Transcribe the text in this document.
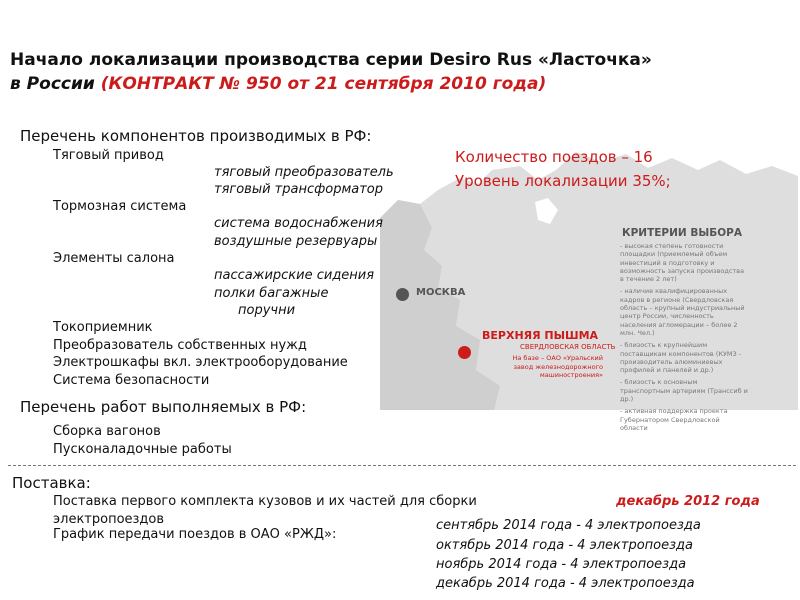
Начало локализации производства серии Desiro Rus «Ласточка»
в России (КОНТРАКТ № 950 от 21 сентября 2010 года)
МОСКВА
ВЕРХНЯЯ ПЫШМА
СВЕРДЛОВСКАЯ ОБЛАСТЬ
На базе – ОАО «Уральский завод железнодорожного машиностроения»
КРИТЕРИИ ВЫБОРА
- высокая степень готовности площадки (приемлемый объем инвестиций в подготовку и возможность запуска производства в течение 2 лет)
- наличие квалифицированных кадров в регионе (Свердловская область – крупный индустриальный центр России, численность населения агломерации – более 2 млн. Чел.)
- близость к крупнейшим поставщикам компонентов (КУМЗ - производитель алюминиевых профилей и панелей и др.)
- близость к основным транспортным артериям (Транссиб и др.)
- активная поддержка проекта Губернатором Свердловской области
Количество поездов – 16
Уровень локализации 35%;
Перечень компонентов производимых в РФ:
Тяговый привод
тяговый преобразователь
тяговый трансформатор
Тормозная система
система водоснабжения
воздушные резервуары
Элементы салона
пассажирские сидения
полки багажные
поручни
Токоприемник
Преобразователь собственных нужд
Электрошкафы вкл. электрооборудование
Система безопасности
Перечень работ выполняемых в РФ:
Сборка вагонов
Пусконаладочные работы
Поставка:
Поставка первого комплекта кузовов и их частей для сборки
электропоездов
декабрь 2012 года
График передачи поездов в ОАО «РЖД»:
сентябрь 2014 года - 4 электропоезда
октябрь 2014 года - 4 электропоезда
ноябрь 2014 года - 4 электропоезда
декабрь 2014 года - 4 электропоезда
